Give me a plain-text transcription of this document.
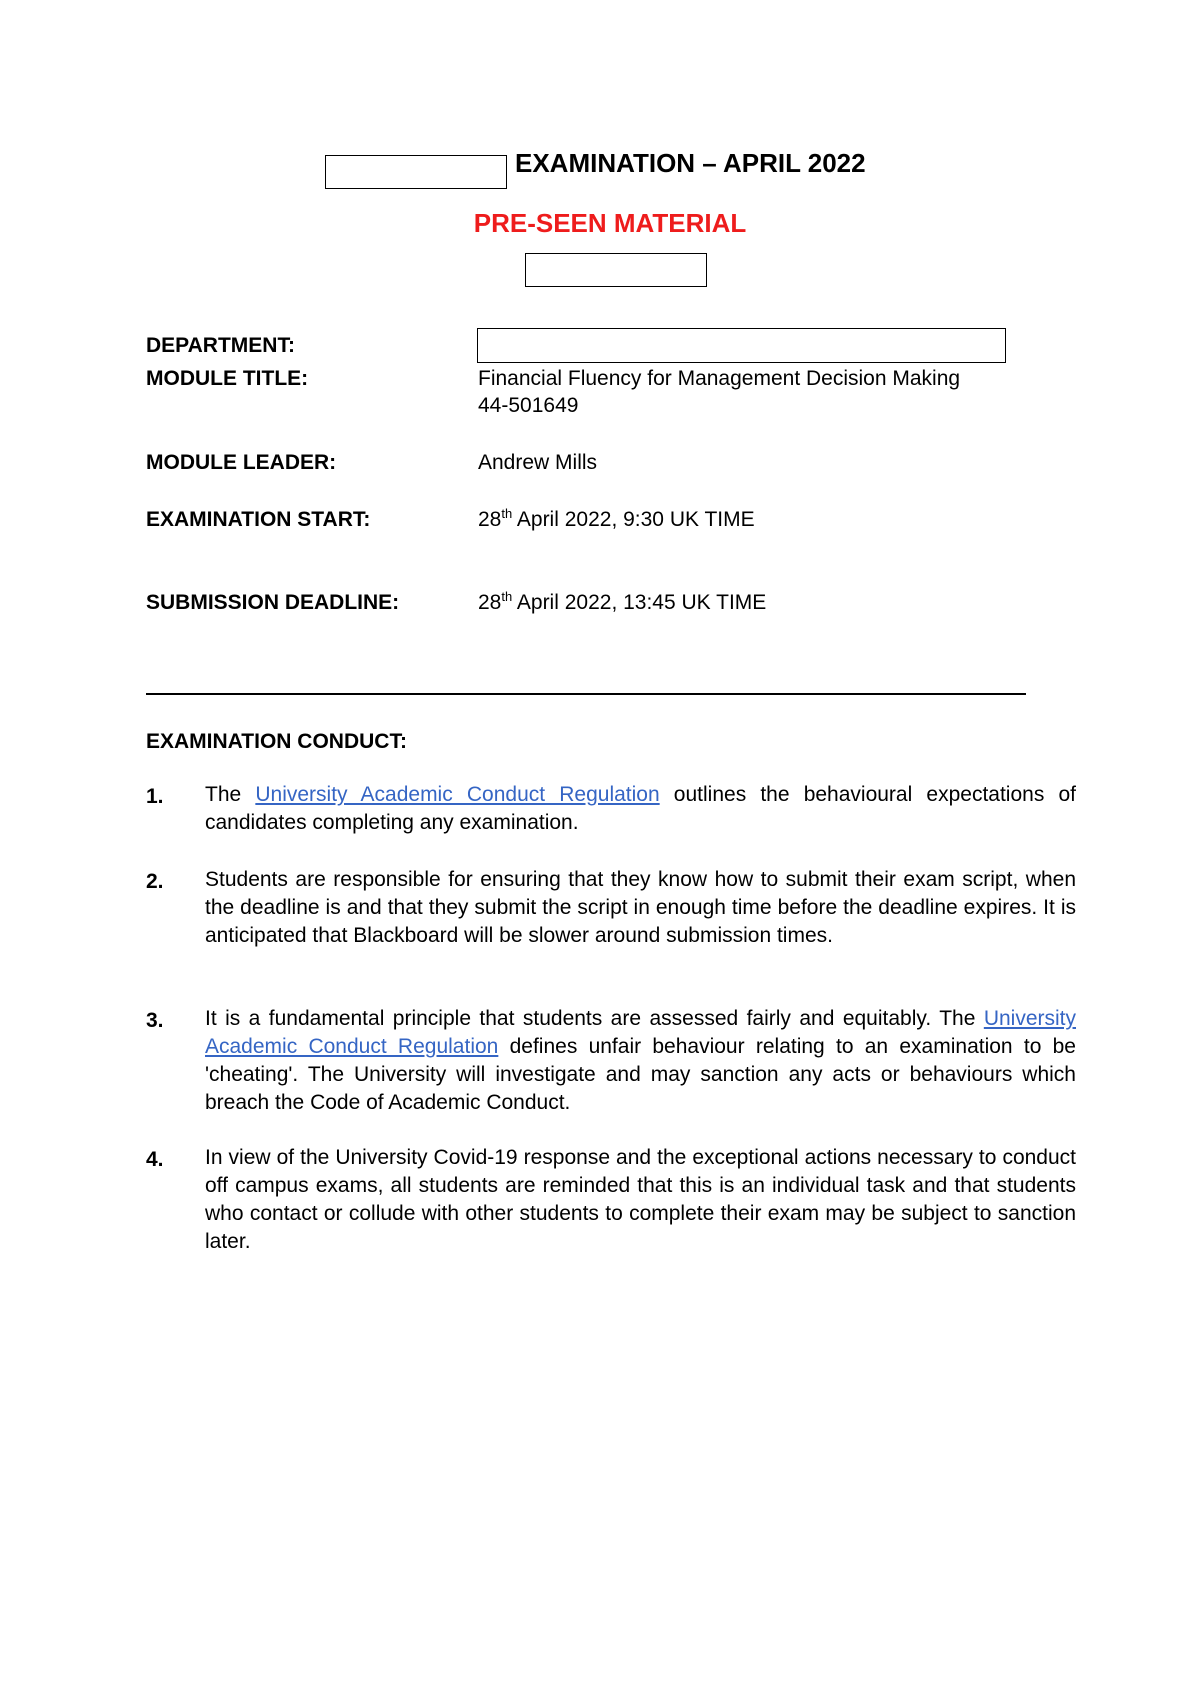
EXAMINATION – APRIL 2022
PRE-SEEN MATERIAL
DEPARTMENT:
MODULE TITLE:	Financial Fluency for Management Decision Making
44-501649
MODULE LEADER:	Andrew Mills
EXAMINATION START:	28th April 2022, 9:30 UK TIME
SUBMISSION DEADLINE:	28th April 2022, 13:45 UK TIME
EXAMINATION CONDUCT:
1. The University Academic Conduct Regulation outlines the behavioural expectations of candidates completing any examination.
2. Students are responsible for ensuring that they know how to submit their exam script, when the deadline is and that they submit the script in enough time before the deadline expires. It is anticipated that Blackboard will be slower around submission times.
3. It is a fundamental principle that students are assessed fairly and equitably. The University Academic Conduct Regulation defines unfair behaviour relating to an examination to be 'cheating'. The University will investigate and may sanction any acts or behaviours which breach the Code of Academic Conduct.
4. In view of the University Covid-19 response and the exceptional actions necessary to conduct off campus exams, all students are reminded that this is an individual task and that students who contact or collude with other students to complete their exam may be subject to sanction later.
